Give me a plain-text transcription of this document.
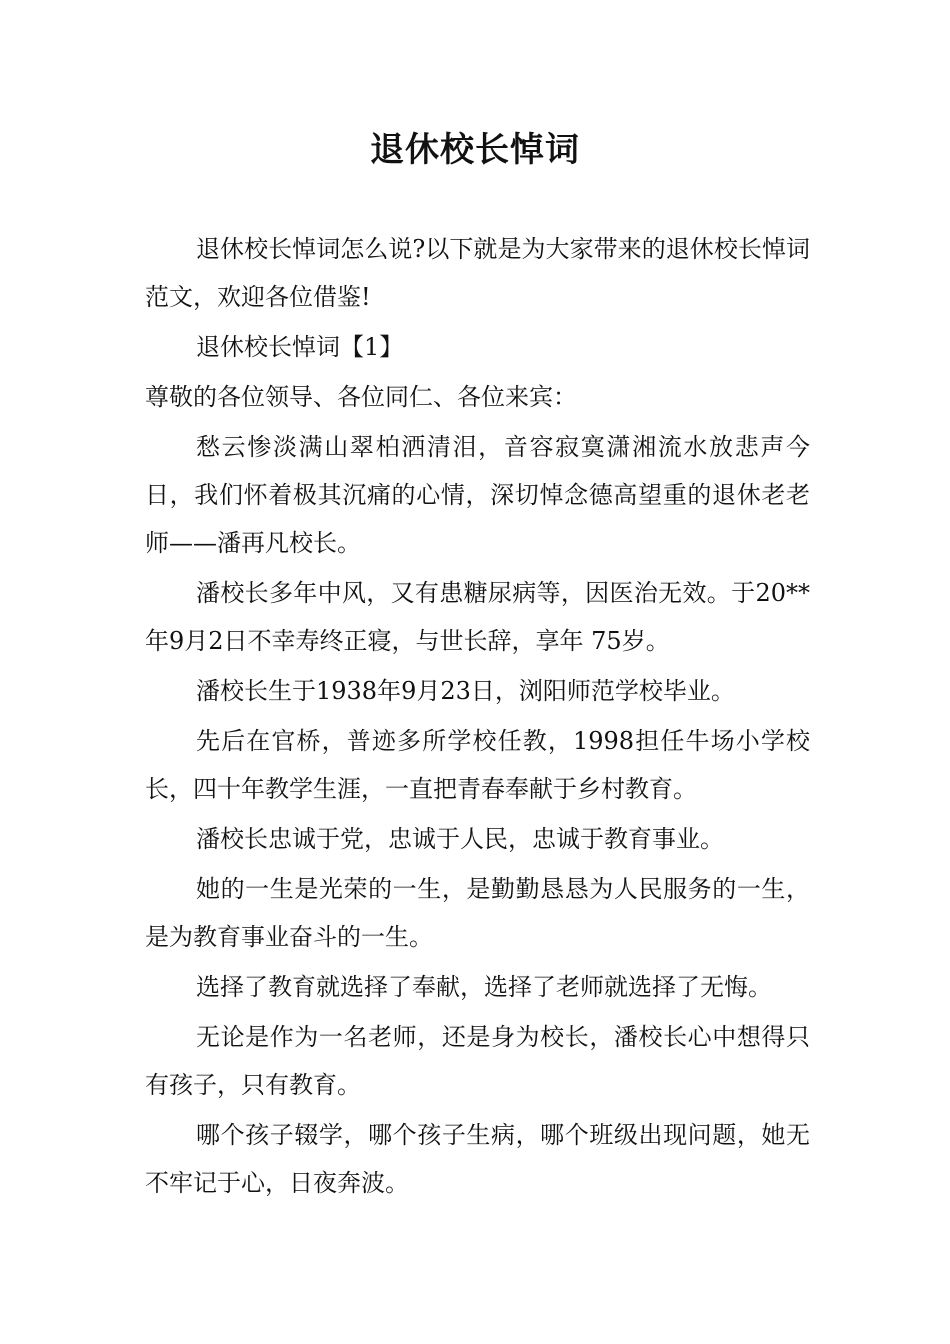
退休校长悼词

退休校长悼词怎么说?以下就是为大家带来的退休校长悼词范文，欢迎各位借鉴!

退休校长悼词【1】

尊敬的各位领导、各位同仁、各位来宾：

愁云惨淡满山翠柏洒清泪，音容寂寞潇湘流水放悲声今日，我们怀着极其沉痛的心情，深切悼念德高望重的退休老老师——潘再凡校长。

潘校长多年中风，又有患糖尿病等，因医治无效。于20**年9月2日不幸寿终正寝，与世长辞，享年 75岁。

潘校长生于1938年9月23日，浏阳师范学校毕业。

先后在官桥，普迹多所学校任教，1998担任牛场小学校长，四十年教学生涯，一直把青春奉献于乡村教育。

潘校长忠诚于党，忠诚于人民，忠诚于教育事业。

她的一生是光荣的一生，是勤勤恳恳为人民服务的一生，是为教育事业奋斗的一生。

选择了教育就选择了奉献，选择了老师就选择了无悔。

无论是作为一名老师，还是身为校长，潘校长心中想得只有孩子，只有教育。

哪个孩子辍学，哪个孩子生病，哪个班级出现问题，她无不牢记于心，日夜奔波。
